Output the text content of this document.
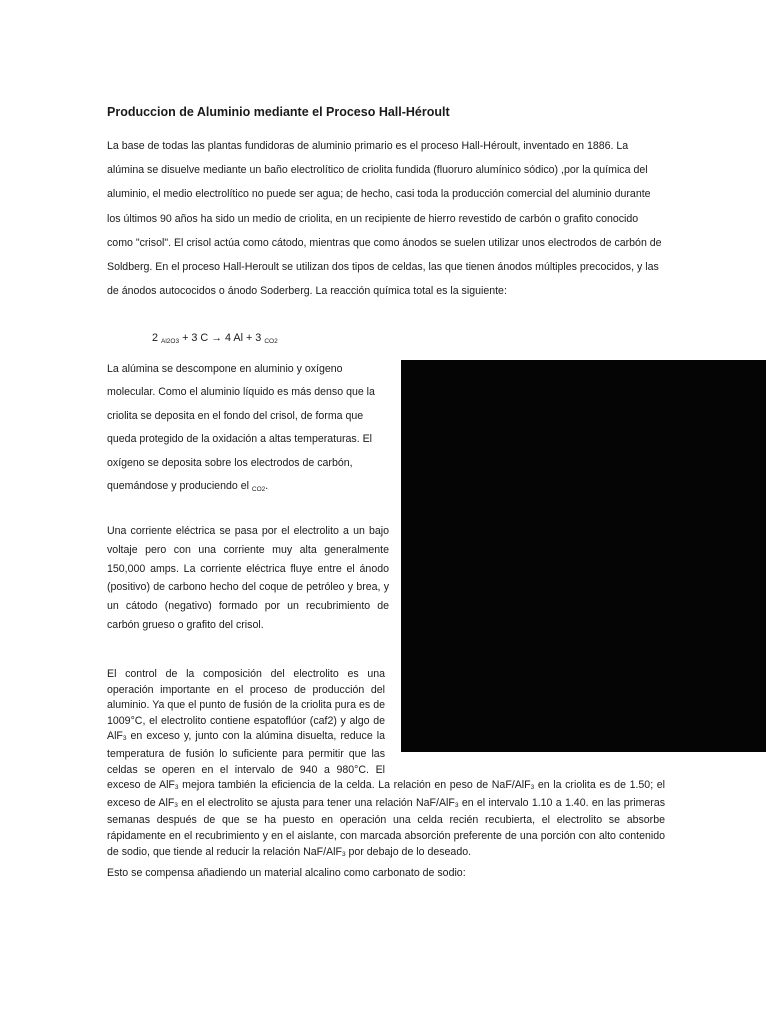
Produccion de Aluminio mediante el Proceso Hall-Héroult

La base de todas las plantas fundidoras de aluminio primario es el proceso Hall-Héroult, inventado en 1886. La alúmina se disuelve mediante un baño electrolítico de criolita fundida (fluoruro alumínico sódico) ,por la química del aluminio, el medio electrolítico no puede ser agua; de hecho, casi toda la producción comercial del aluminio durante los últimos 90 años ha sido un medio de criolita, en un recipiente de hierro revestido de carbón o grafito conocido como "crisol". El crisol actúa como cátodo, mientras que como ánodos se suelen utilizar unos electrodos de carbón de Soldberg. En el proceso Hall-Heroult se utilizan dos tipos de celdas, las que tienen ánodos múltiples precocidos, y las de ánodos autococidos o ánodo Soderberg. La reacción química total es la siguiente:

2 $_{Al2O3}$ + 3 C → 4 Al + 3 $_{CO2}$

La alúmina se descompone en aluminio y oxígeno molecular. Como el aluminio líquido es más denso que la criolita se deposita en el fondo del crisol, de forma que queda protegido de la oxidación a altas temperaturas. El oxígeno se deposita sobre los electrodos de carbón, quemándose y produciendo el $_{CO2}$.

Una corriente eléctrica se pasa por el electrolito a un bajo voltaje pero con una corriente muy alta generalmente 150,000 amps. La corriente eléctrica fluye entre el ánodo (positivo) de carbono hecho del coque de petróleo y brea, y un cátodo (negativo) formado por un recubrimiento de carbón grueso o grafito del crisol.

El control de la composición del electrolito es una operación importante en el proceso de producción del aluminio. Ya que el punto de fusión de la criolita pura es de 1009°C, el electrolito contiene espatoflúor (caf2) y algo de AlF$_3$ en exceso y, junto con la alúmina disuelta, reduce la temperatura de fusión lo suficiente para permitir que las celdas se operen en el intervalo de 940 a 980°C. El exceso de AlF$_3$ mejora también la eficiencia de la celda. La relación en peso de NaF/AlF$_3$ en la criolita es de 1.50; el exceso de AlF$_3$ en el electrolito se ajusta para tener una relación NaF/AlF$_3$ en el intervalo 1.10 a 1.40. en las primeras semanas después de que se ha puesto en operación una celda recién recubierta, el electrolito se absorbe rápidamente en el recubrimiento y en el aislante, con marcada absorción preferente de una porción con alto contenido de sodio, que tiende al reducir la relación NaF/AlF$_3$ por debajo de lo deseado.

Esto se compensa añadiendo un material alcalino como carbonato de sodio:
